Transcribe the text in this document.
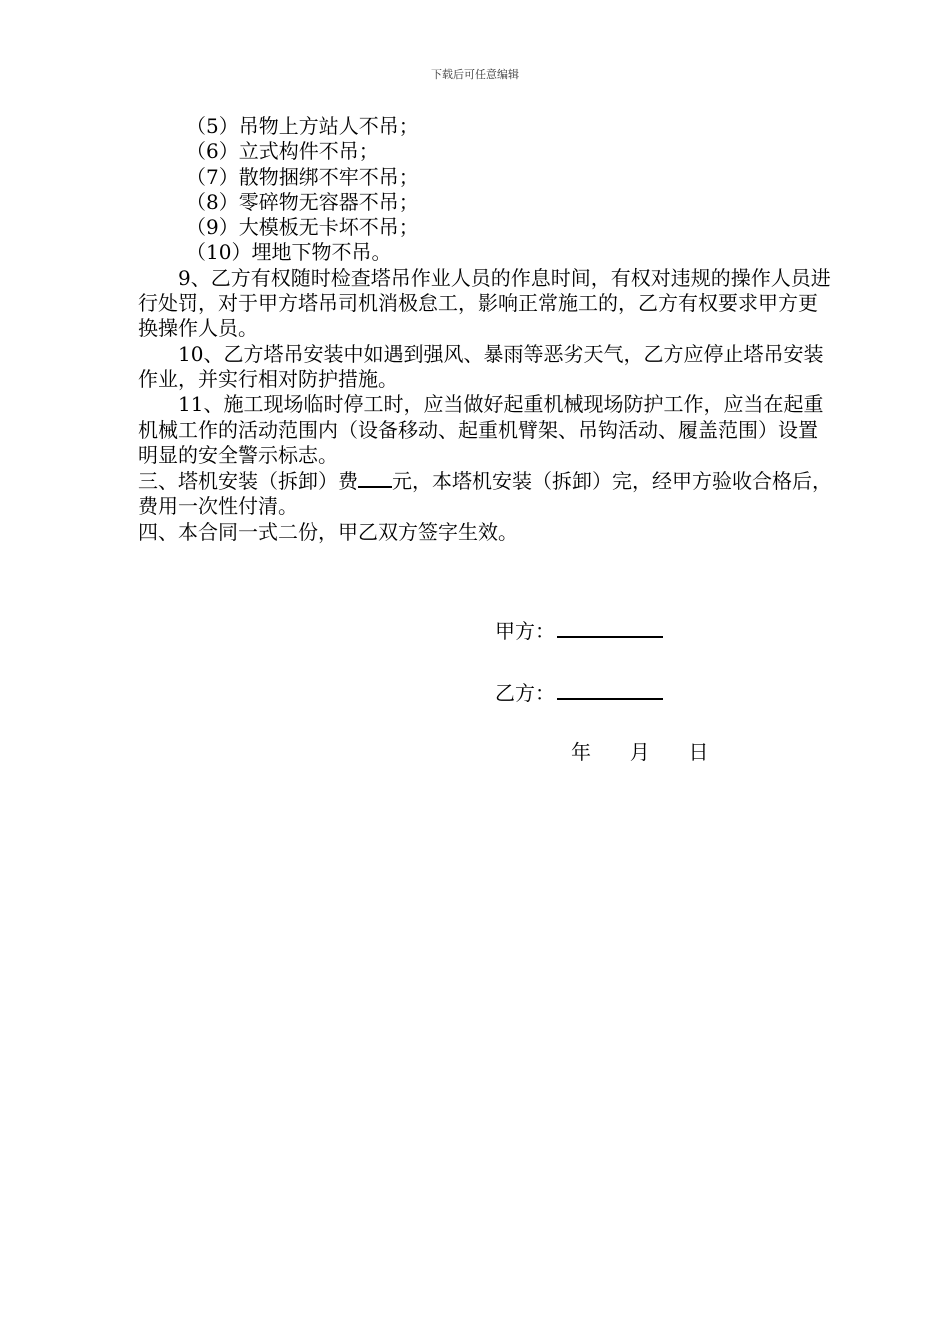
下载后可任意编辑

（5）吊物上方站人不吊；

（6）立式构件不吊；

（7）散物捆绑不牢不吊；

（8）零碎物无容器不吊；

（9）大模板无卡坏不吊；

（10）埋地下物不吊。

9、乙方有权随时检查塔吊作业人员的作息时间，有权对违规的操作人员进行处罚，对于甲方塔吊司机消极怠工，影响正常施工的，乙方有权要求甲方更换操作人员。

10、乙方塔吊安装中如遇到强风、暴雨等恶劣天气，乙方应停止塔吊安装作业，并实行相对防护措施。

11、施工现场临时停工时，应当做好起重机械现场防护工作，应当在起重机械工作的活动范围内（设备移动、起重机臂架、吊钩活动、履盖范围）设置明显的安全警示标志。

三、塔机安装（拆卸）费 元，本塔机安装（拆卸）完，经甲方验收合格后，费用一次性付清。

四、本合同一式二份，甲乙双方签字生效。

甲方：
乙方：
年 月 日
